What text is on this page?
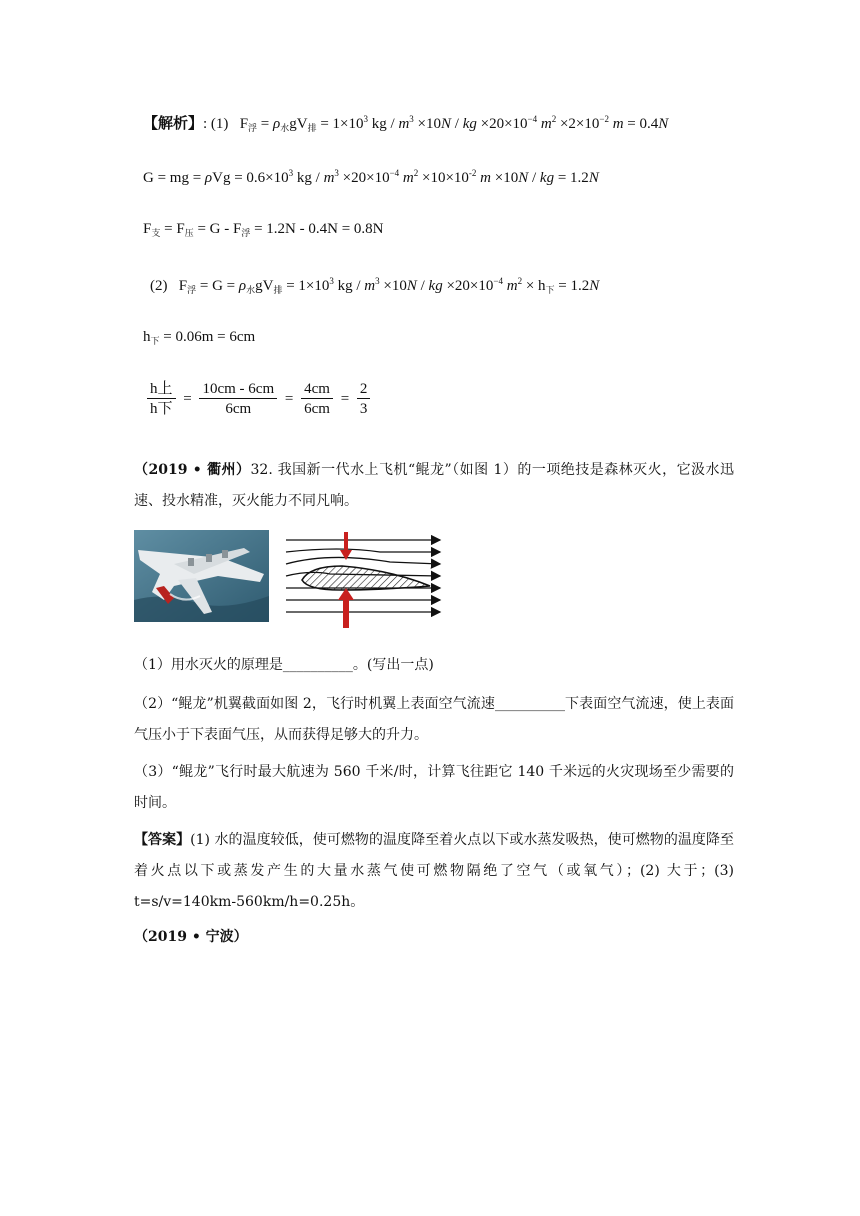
【解析】: (1)   $F_浮 = \rho_水gV_排 = 1\times 10^3$ kg / $m^3 \times 10N$ / kg $\times 20\times 10^{-4}$ $m^2 \times 2\times 10^{-2}$ m = 0.4N
G = mg = $\rho Vg = 0.6\times 10^3$ kg / $m^3 \times 20\times 10^{-4}$ $m^2 \times 10\times 10^{-2}$ m ×10N / kg = 1.2N
$F_支 = F_压 = G - F_浮 = 1.2N - 0.4N = 0.8N$
(2)   $F_浮 = G = \rho_水gV_排 = 1\times 10^3$ kg / $m^3 \times 10N$ / kg $\times 20\times 10^{-4}$ $m^2 \times h_下 = 1.2N$
$h_下 = 0.06m = 6cm$
$\frac{\text{h上}}{\text{h下}} = \frac{10cm - 6cm}{6cm} = \frac{4cm}{6cm} = \frac{2}{3}$
（2019 • 衢州）32. 我国新一代水上飞机“鲲龙”（如图 1）的一项绝技是森林灭火，它汲水迅速、投水精准，灭火能力不同凡响。
（1）用水灭火的原理是__________。(写出一点)
（2）“鲲龙”机翼截面如图 2，飞行时机翼上表面空气流速__________下表面空气流速，使上表面气压小于下表面气压，从而获得足够大的升力。
（3）“鲲龙”飞行时最大航速为 560 千米/时，计算飞往距它 140 千米远的火灾现场至少需要的时间。
【答案】(1) 水的温度较低，使可燃物的温度降至着火点以下或水蒸发吸热，使可燃物的温度降至着火点以下或蒸发产生的大量水蒸气使可燃物隔绝了空气（或氧气）；(2) 大于；(3) t=s/v=140km-560km/h=0.25h。
（2019 • 宁波）
